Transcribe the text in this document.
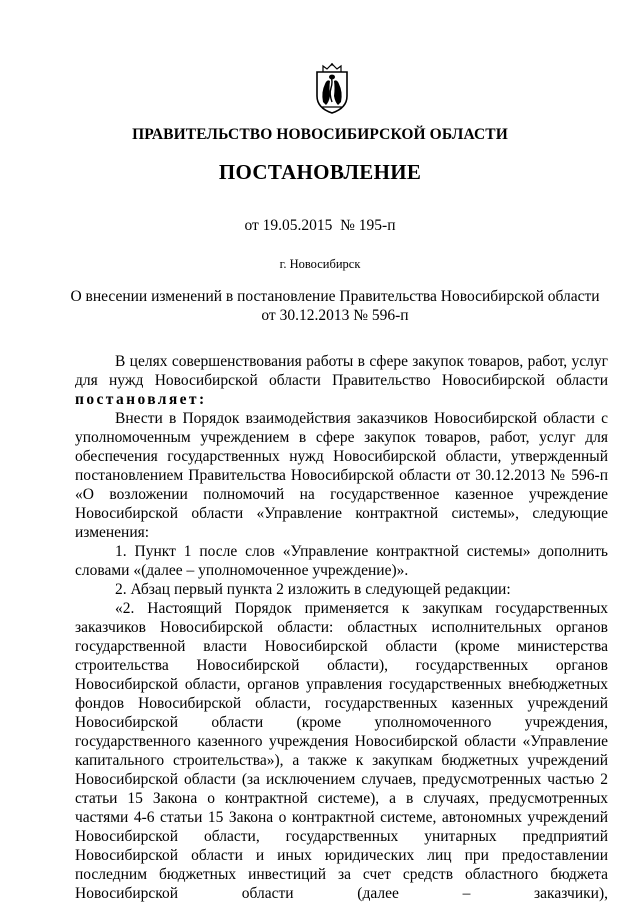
ПРАВИТЕЛЬСТВО НОВОСИБИРСКОЙ ОБЛАСТИ
ПОСТАНОВЛЕНИЕ
от 19.05.2015  № 195-п
г. Новосибирск
О внесении изменений в постановление Правительства Новосибирской области
от 30.12.2013 № 596-п

В целях совершенствования работы в сфере закупок товаров, работ, услуг для нужд Новосибирской области Правительство Новосибирской области постановляет:

Внести в Порядок взаимодействия заказчиков Новосибирской области с уполномоченным учреждением в сфере закупок товаров, работ, услуг для обеспечения государственных нужд Новосибирской области, утвержденный постановлением Правительства Новосибирской области от 30.12.2013 № 596-п «О возложении полномочий на государственное казенное учреждение Новосибирской области «Управление контрактной системы», следующие изменения:

1. Пункт 1 после слов «Управление контрактной системы» дополнить словами «(далее – уполномоченное учреждение)».

2. Абзац первый пункта 2 изложить в следующей редакции:

«2. Настоящий Порядок применяется к закупкам государственных заказчиков Новосибирской области: областных исполнительных органов государственной власти Новосибирской области (кроме министерства строительства Новосибирской области), государственных органов Новосибирской области, органов управления государственных внебюджетных фондов Новосибирской области, государственных казенных учреждений Новосибирской области (кроме уполномоченного учреждения, государственного казенного учреждения Новосибирской области «Управление капитального строительства»), а также к закупкам бюджетных учреждений Новосибирской области (за исключением случаев, предусмотренных частью 2 статьи 15 Закона о контрактной системе), а в случаях, предусмотренных частями 4-6 статьи 15 Закона о контрактной системе, автономных учреждений Новосибирской области, государственных унитарных предприятий Новосибирской области и иных юридических лиц при предоставлении последним бюджетных инвестиций за счет средств областного бюджета Новосибирской области (далее – заказчики),
